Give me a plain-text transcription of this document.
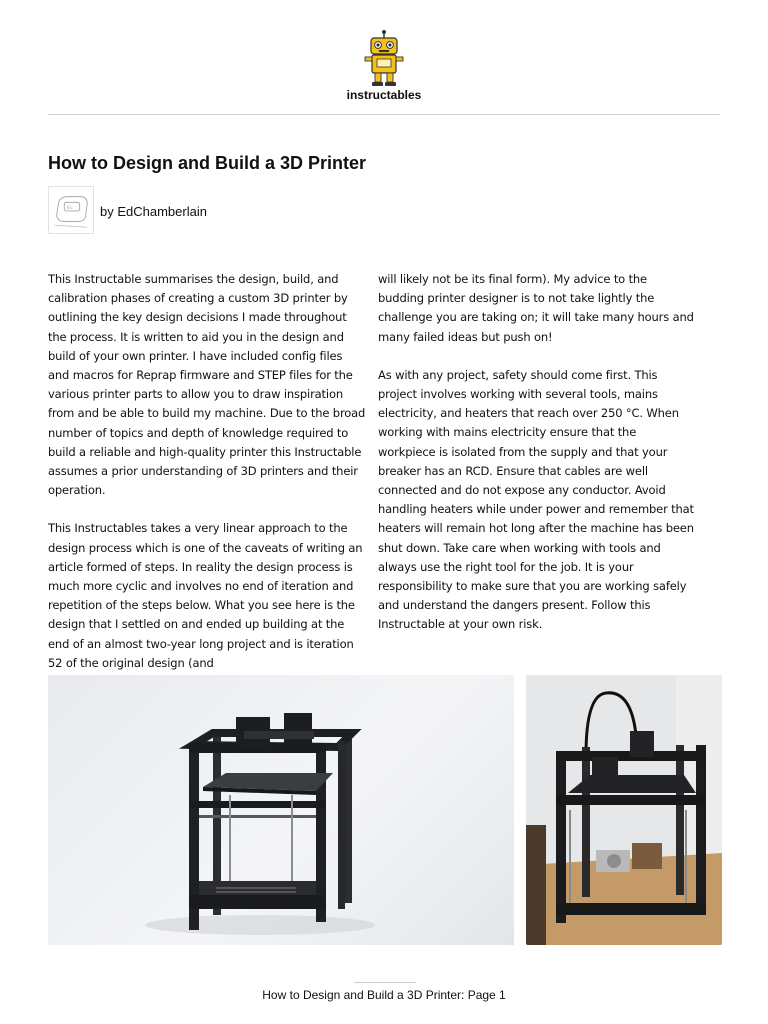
instructables
How to Design and Build a 3D Printer
Ec by EdChamberlain

This Instructable summarises the design, build, and calibration phases of creating a custom 3D printer by outlining the key design decisions I made throughout the process. It is written to aid you in the design and build of your own printer. I have included config files and macros for Reprap firmware and STEP files for the various printer parts to allow you to draw inspiration from and be able to build my machine. Due to the broad number of topics and depth of knowledge required to build a reliable and high-quality printer this Instructable assumes a prior understanding of 3D printers and their operation.

This Instructables takes a very linear approach to the design process which is one of the caveats of writing an article formed of steps. In reality the design process is much more cyclic and involves no end of iteration and repetition of the steps below. What you see here is the design that I settled on and ended up building at the end of an almost two-year long project and is iteration 52 of the original design (and

will likely not be its final form). My advice to the budding printer designer is to not take lightly the challenge you are taking on; it will take many hours and many failed ideas but push on!

As with any project, safety should come first. This project involves working with several tools, mains electricity, and heaters that reach over 250 °C. When working with mains electricity ensure that the workpiece is isolated from the supply and that your breaker has an RCD. Ensure that cables are well connected and do not expose any conductor. Avoid handling heaters while under power and remember that heaters will remain hot long after the machine has been shut down. Take care when working with tools and always use the right tool for the job. It is your responsibility to make sure that you are working safely and understand the dangers present. Follow this Instructable at your own risk.

How to Design and Build a 3D Printer: Page 1
